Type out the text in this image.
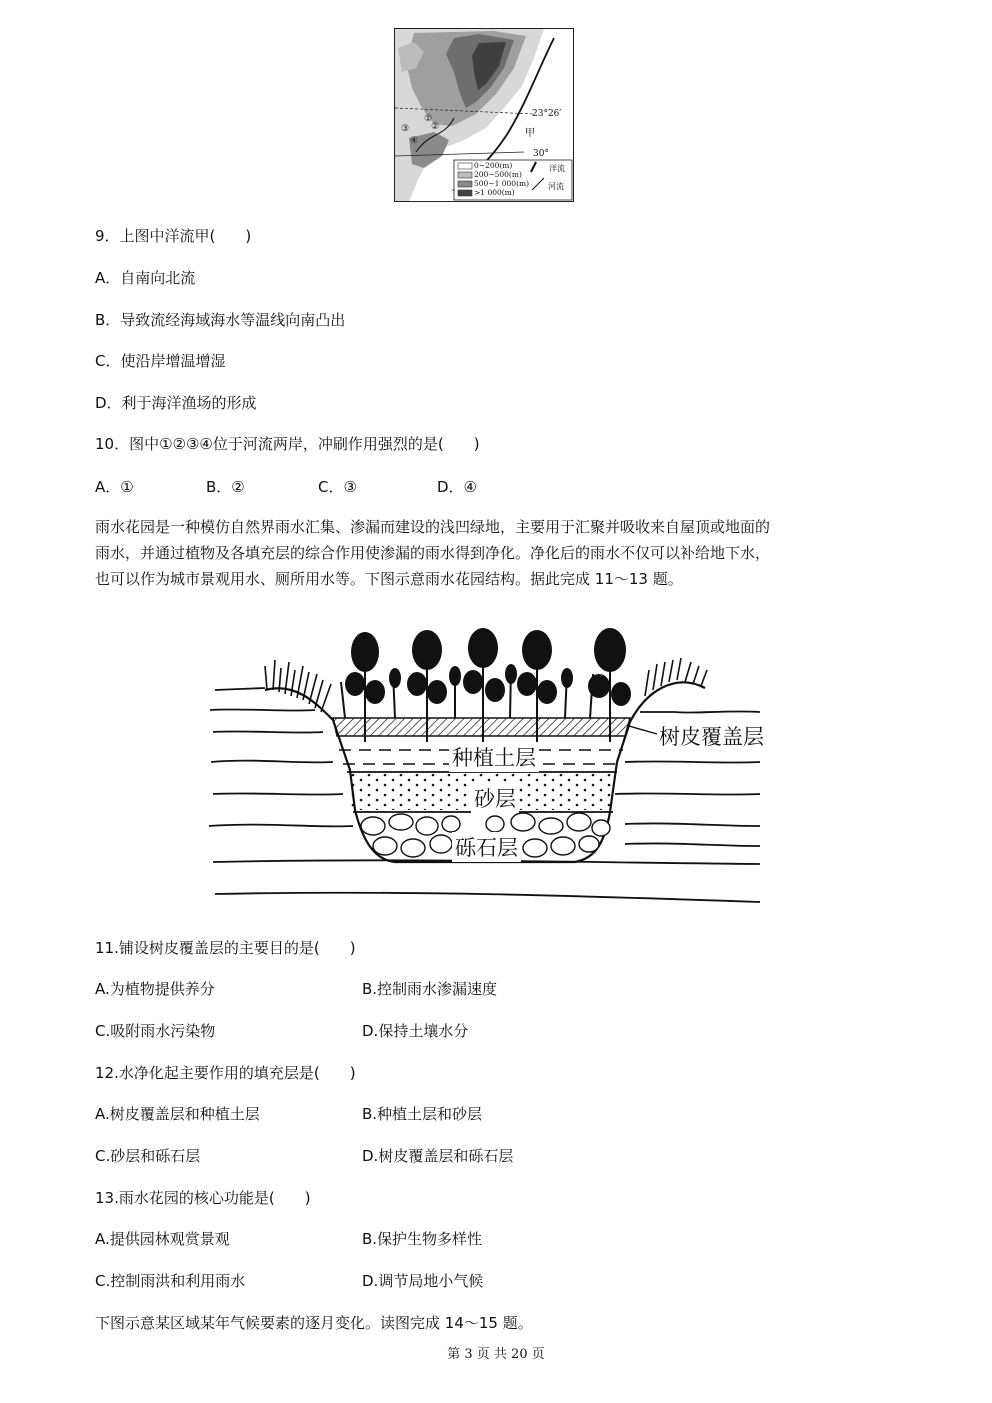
23°26′
甲
30°
①
②
③
④
0~200(m)
200~500(m)
500~1 000(m)
>1 000(m)
洋流
河流
9．上图中洋流甲(　　)
A．自南向北流
B．导致流经海域海水等温线向南凸出
C．使沿岸增温增湿
D．利于海洋渔场的形成
10．图中①②③④位于河流两岸，冲刷作用强烈的是(　　)
A．①	B．②	C．③	D．④
雨水花园是一种模仿自然界雨水汇集、渗漏而建设的浅凹绿地，主要用于汇聚并吸收来自屋顶或地面的
雨水，并通过植物及各填充层的综合作用使渗漏的雨水得到净化。净化后的雨水不仅可以补给地下水，
也可以作为城市景观用水、厕所用水等。下图示意雨水花园结构。据此完成 11～13 题。
树皮覆盖层
种植土层
砂层
砾石层
11.铺设树皮覆盖层的主要目的是(　　)
A.为植物提供养分	B.控制雨水渗漏速度
C.吸附雨水污染物	D.保持土壤水分
12.水净化起主要作用的填充层是(　　)
A.树皮覆盖层和种植土层	B.种植土层和砂层
C.砂层和砾石层	D.树皮覆盖层和砾石层
13.雨水花园的核心功能是(　　)
A.提供园林观赏景观	B.保护生物多样性
C.控制雨洪和利用雨水	D.调节局地小气候
下图示意某区域某年气候要素的逐月变化。读图完成 14～15 题。
第 3 页 共 20 页
